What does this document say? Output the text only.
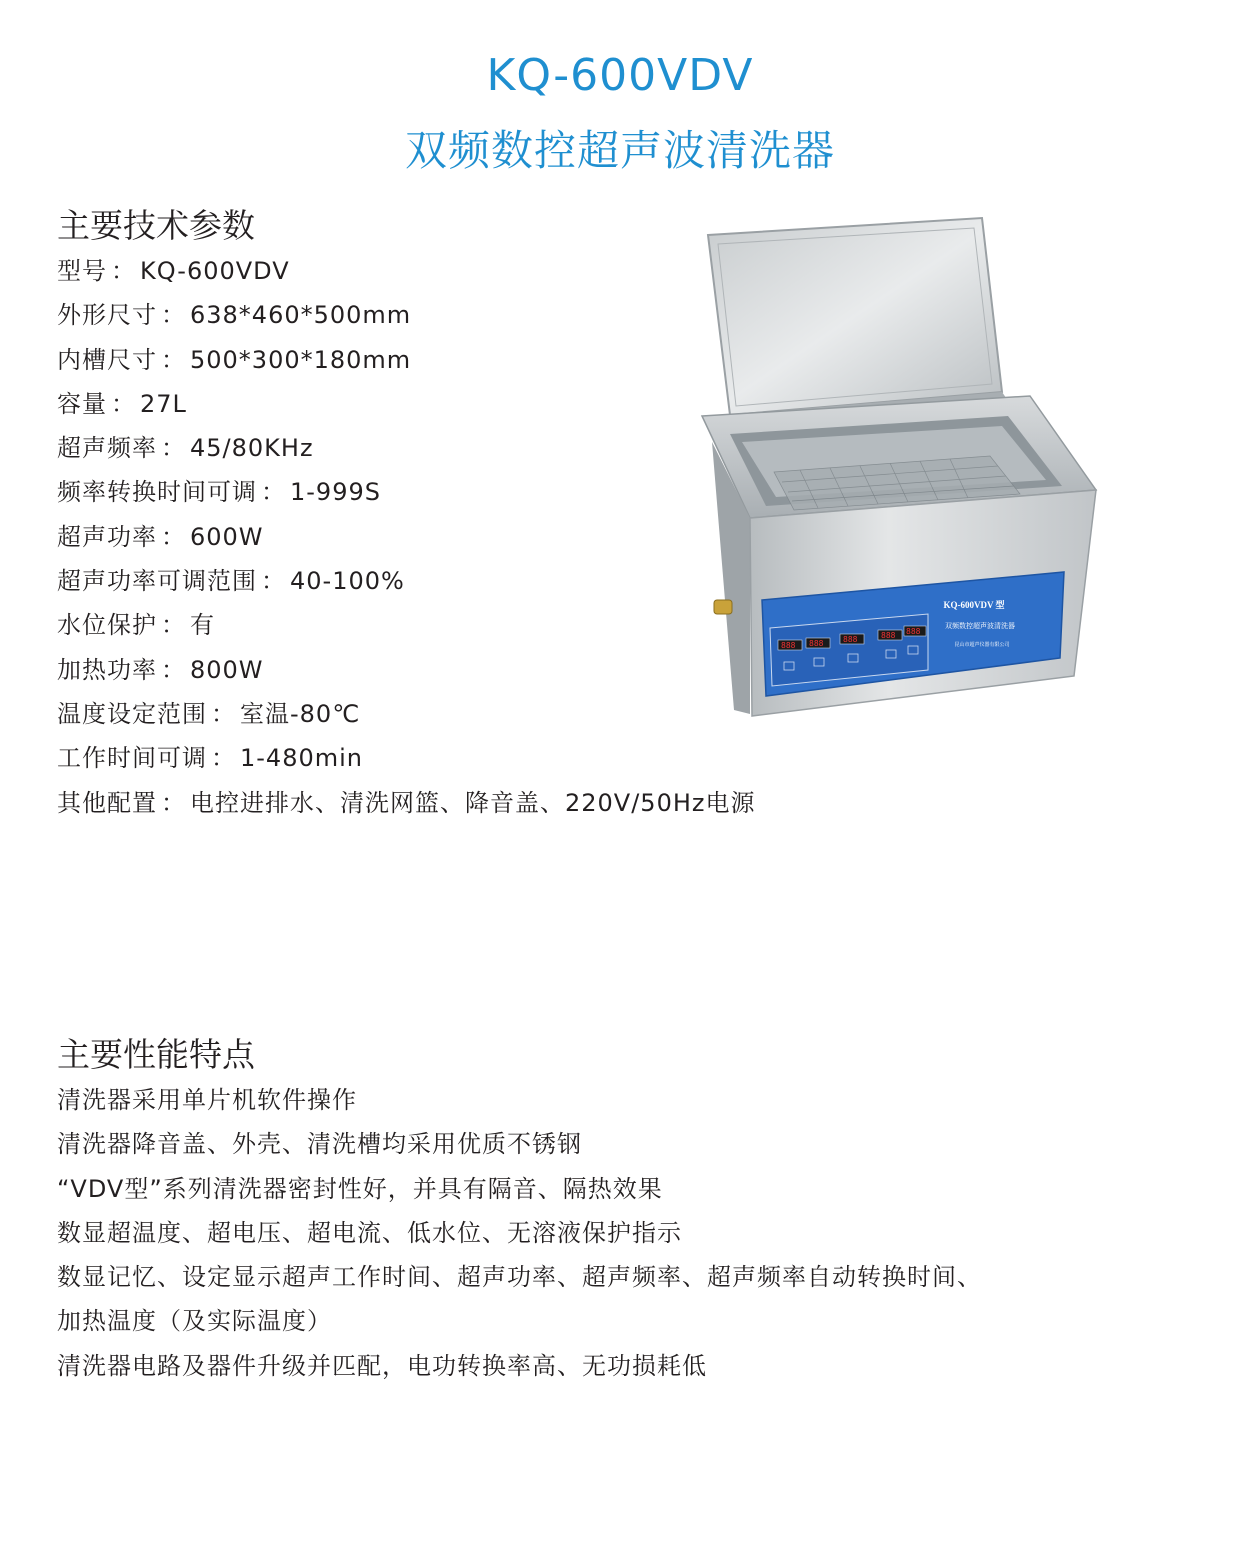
KQ-600VDV
双频数控超声波清洗器
主要技术参数
型号 ： KQ-600VDV
外形尺寸 ： 638*460*500mm
内槽尺寸 ： 500*300*180mm
容量 ： 27L
超声频率 ： 45/80KHz
频率转换时间可调 ： 1-999S
超声功率 ： 600W
超声功率可调范围 ： 40-100%
水位保护 ： 有
加热功率 ： 800W
温度设定范围 ： 室温-80℃
工作时间可调 ： 1-480min
其他配置 ： 电控进排水、清洗网篮、降音盖、220V/50Hz电源
KQ-600VDV 型
双频数控超声波清洗器
昆山市超声仪器有限公司
888 888 888	888 888
主要性能特点
清洗器采用单片机软件操作
清洗器降音盖、外壳、清洗槽均采用优质不锈钢
“VDV型”系列清洗器密封性好，并具有隔音、隔热效果
数显超温度、超电压、超电流、低水位、无溶液保护指示
数显记忆、设定显示超声工作时间、超声功率、超声频率、超声频率自动转换时间、
加热温度（及实际温度）
清洗器电路及器件升级并匹配，电功转换率高、无功损耗低
